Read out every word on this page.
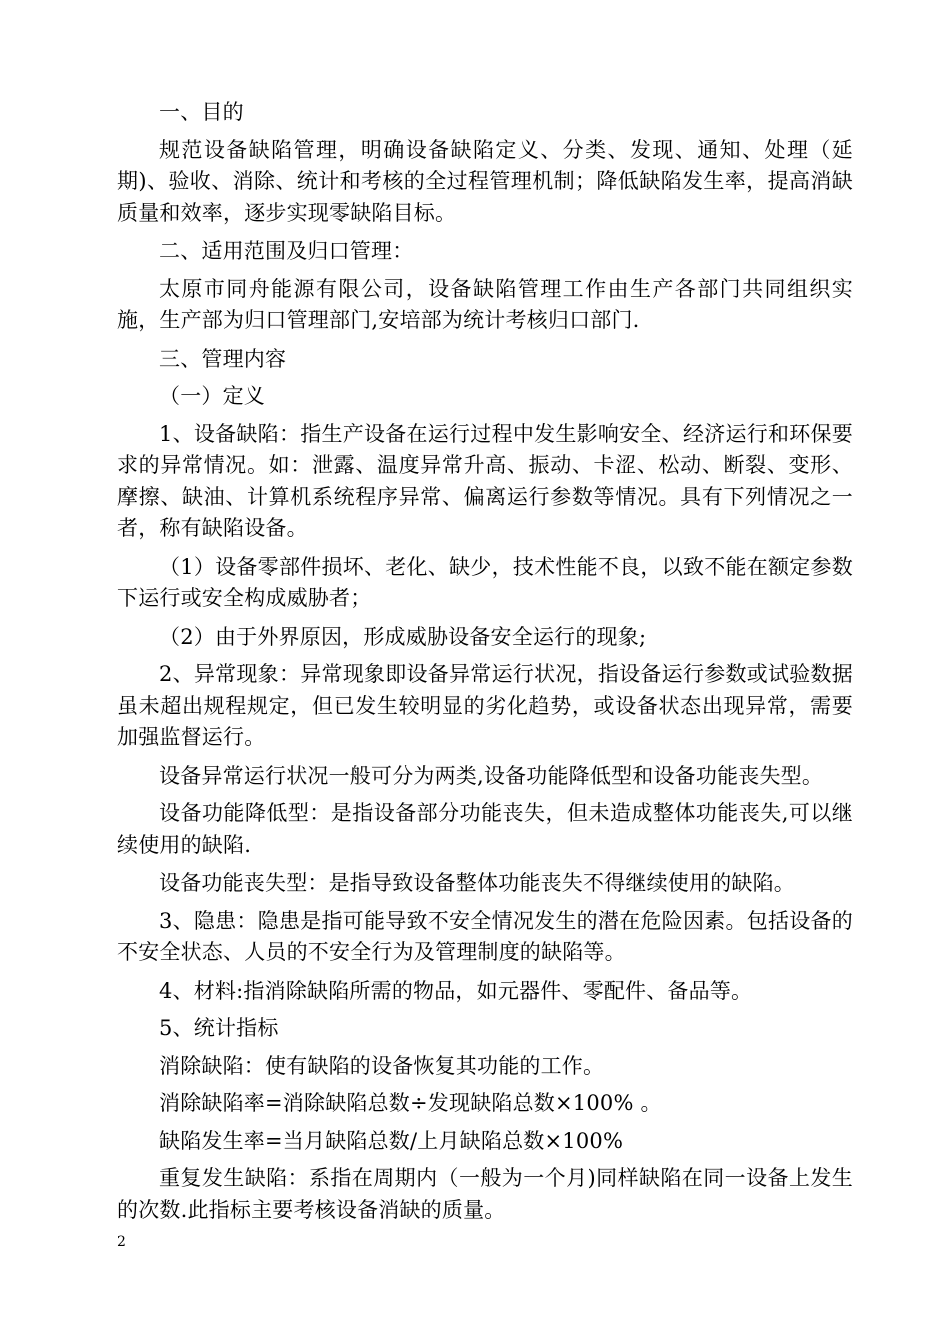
一、目的

规范设备缺陷管理，明确设备缺陷定义、分类、发现、通知、处理（延期)、验收、消除、统计和考核的全过程管理机制；降低缺陷发生率，提高消缺质量和效率，逐步实现零缺陷目标。

二、适用范围及归口管理：

太原市同舟能源有限公司，设备缺陷管理工作由生产各部门共同组织实施，生产部为归口管理部门,安培部为统计考核归口部门.

三、管理内容

（一）定义

1、设备缺陷：指生产设备在运行过程中发生影响安全、经济运行和环保要求的异常情况。如：泄露、温度异常升高、振动、卡涩、松动、断裂、变形、摩擦、缺油、计算机系统程序异常、偏离运行参数等情况。具有下列情况之一者，称有缺陷设备。

（1）设备零部件损坏、老化、缺少，技术性能不良，以致不能在额定参数下运行或安全构成威胁者；

（2）由于外界原因，形成威胁设备安全运行的现象;

2、异常现象：异常现象即设备异常运行状况，指设备运行参数或试验数据虽未超出规程规定，但已发生较明显的劣化趋势，或设备状态出现异常，需要加强监督运行。

设备异常运行状况一般可分为两类,设备功能降低型和设备功能丧失型。

设备功能降低型：是指设备部分功能丧失，但未造成整体功能丧失,可以继续使用的缺陷.

设备功能丧失型：是指导致设备整体功能丧失不得继续使用的缺陷。

3、隐患：隐患是指可能导致不安全情况发生的潜在危险因素。包括设备的不安全状态、人员的不安全行为及管理制度的缺陷等。

4、材料:指消除缺陷所需的物品，如元器件、零配件、备品等。

5、统计指标

消除缺陷：使有缺陷的设备恢复其功能的工作。

消除缺陷率=消除缺陷总数÷发现缺陷总数×100% 。

缺陷发生率=当月缺陷总数/上月缺陷总数×100%

重复发生缺陷：系指在周期内（一般为一个月)同样缺陷在同一设备上发生的次数.此指标主要考核设备消缺的质量。

2
